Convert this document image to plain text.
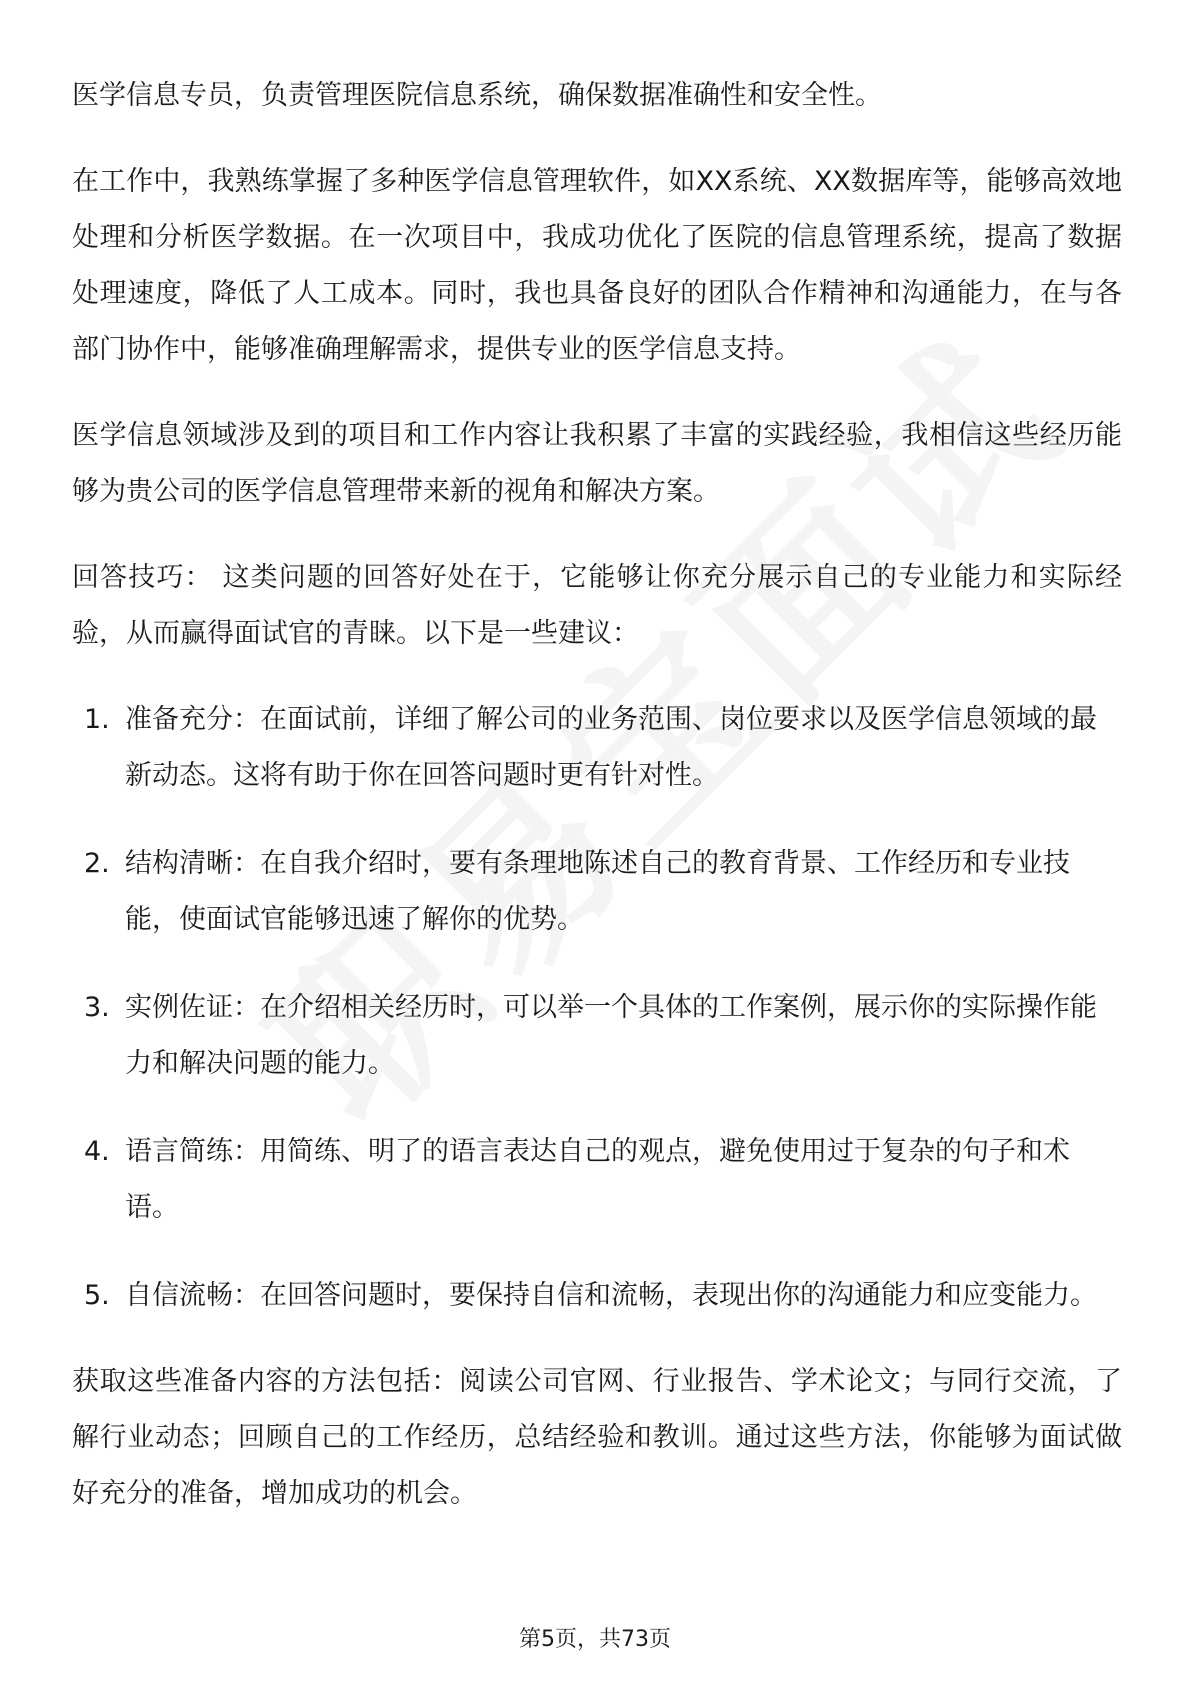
医学信息专员，负责管理医院信息系统，确保数据准确性和安全性。

在工作中，我熟练掌握了多种医学信息管理软件，如XX系统、XX数据库等，能够高效地处理和分析医学数据。在一次项目中，我成功优化了医院的信息管理系统，提高了数据处理速度，降低了人工成本。同时，我也具备良好的团队合作精神和沟通能力，在与各部门协作中，能够准确理解需求，提供专业的医学信息支持。

医学信息领域涉及到的项目和工作内容让我积累了丰富的实践经验，我相信这些经历能够为贵公司的医学信息管理带来新的视角和解决方案。

回答技巧： 这类问题的回答好处在于，它能够让你充分展示自己的专业能力和实际经验，从而赢得面试官的青睐。以下是一些建议：

1. 准备充分：在面试前，详细了解公司的业务范围、岗位要求以及医学信息领域的最新动态。这将有助于你在回答问题时更有针对性。
2. 结构清晰：在自我介绍时，要有条理地陈述自己的教育背景、工作经历和专业技能，使面试官能够迅速了解你的优势。
3. 实例佐证：在介绍相关经历时，可以举一个具体的工作案例，展示你的实际操作能力和解决问题的能力。
4. 语言简练：用简练、明了的语言表达自己的观点，避免使用过于复杂的句子和术语。
5. 自信流畅：在回答问题时，要保持自信和流畅，表现出你的沟通能力和应变能力。

获取这些准备内容的方法包括：阅读公司官网、行业报告、学术论文；与同行交流，了解行业动态；回顾自己的工作经历，总结经验和教训。通过这些方法，你能够为面试做好充分的准备，增加成功的机会。

第5页，共73页
